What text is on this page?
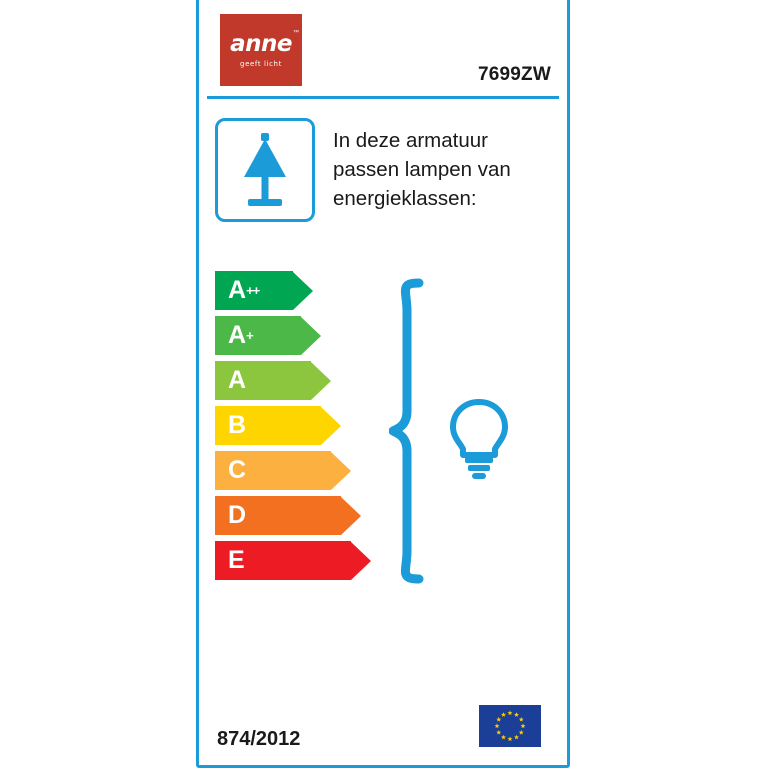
anne
geeft licht
™
7699ZW
In deze armatuur
passen lampen van
energieklassen:
A ++
A +
A
B
C
D
E
874/2012
